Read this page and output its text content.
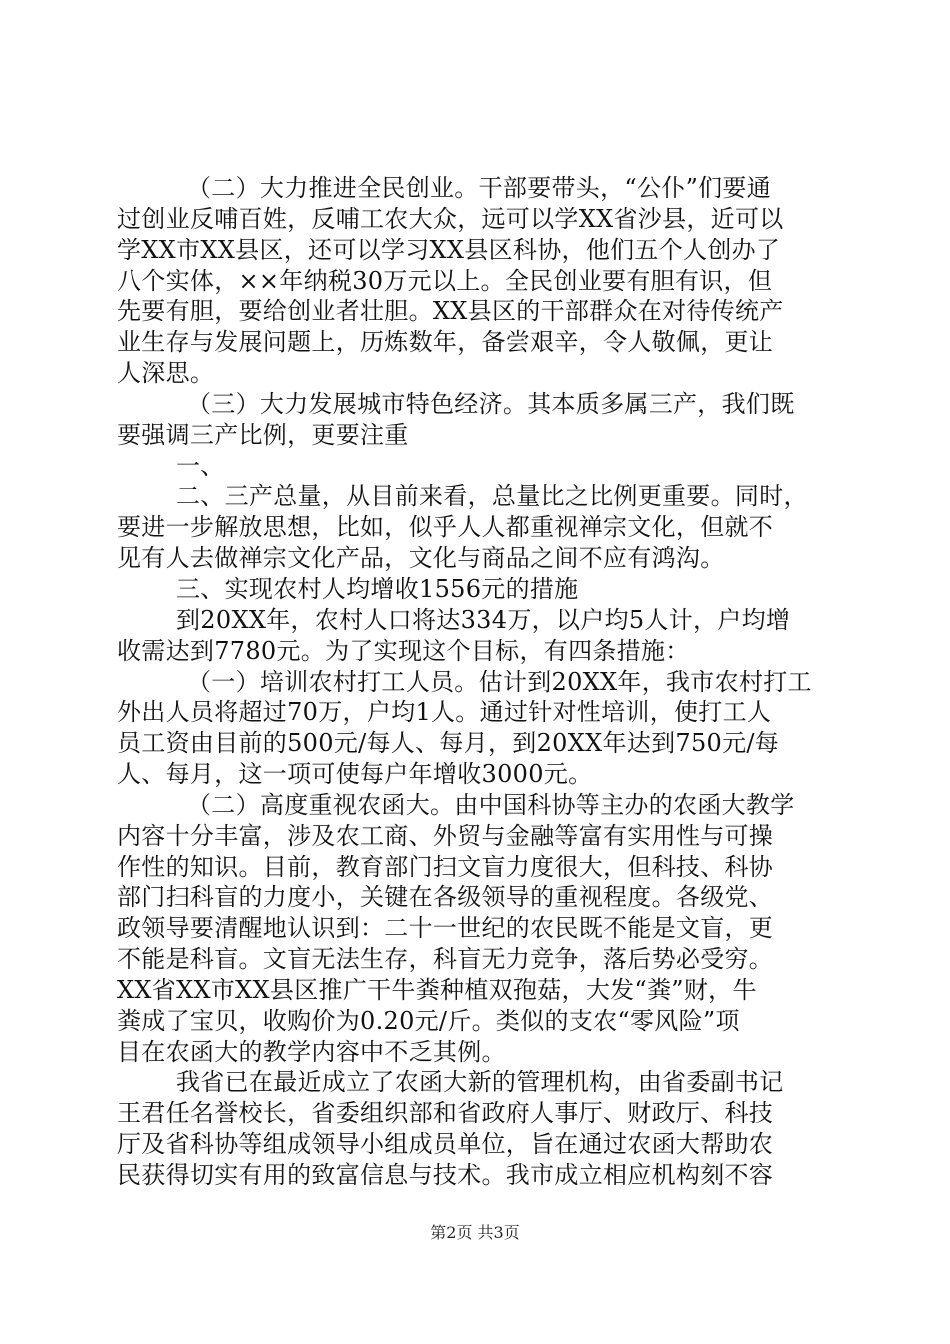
（二）大力推进全民创业。干部要带头，“公仆”们要通
过创业反哺百姓，反哺工农大众，远可以学XX省沙县，近可以
学XX市XX县区，还可以学习XX县区科协，他们五个人创办了
八个实体，××年纳税30万元以上。全民创业要有胆有识，但
先要有胆，要给创业者壮胆。XX县区的干部群众在对待传统产
业生存与发展问题上，历炼数年，备尝艰辛，令人敬佩，更让
人深思。
（三）大力发展城市特色经济。其本质多属三产，我们既
要强调三产比例，更要注重
一、
二、三产总量，从目前来看，总量比之比例更重要。同时，
要进一步解放思想，比如，似乎人人都重视禅宗文化，但就不
见有人去做禅宗文化产品，文化与商品之间不应有鸿沟。
三、实现农村人均增收1556元的措施
到20XX年，农村人口将达334万，以户均5人计，户均增
收需达到7780元。为了实现这个目标，有四条措施：
（一）培训农村打工人员。估计到20XX年，我市农村打工
外出人员将超过70万，户均1人。通过针对性培训，使打工人
员工资由目前的500元/每人、每月，到20XX年达到750元/每
人、每月，这一项可使每户年增收3000元。
（二）高度重视农函大。由中国科协等主办的农函大教学
内容十分丰富，涉及农工商、外贸与金融等富有实用性与可操
作性的知识。目前，教育部门扫文盲力度很大，但科技、科协
部门扫科盲的力度小，关键在各级领导的重视程度。各级党、
政领导要清醒地认识到：二十一世纪的农民既不能是文盲，更
不能是科盲。文盲无法生存，科盲无力竞争，落后势必受穷。
XX省XX市XX县区推广干牛粪种植双孢菇，大发“粪”财，牛
粪成了宝贝，收购价为0.20元/斤。类似的支农“零风险”项
目在农函大的教学内容中不乏其例。
我省已在最近成立了农函大新的管理机构，由省委副书记
王君任名誉校长，省委组织部和省政府人事厅、财政厅、科技
厅及省科协等组成领导小组成员单位，旨在通过农函大帮助农
民获得切实有用的致富信息与技术。我市成立相应机构刻不容
第2页 共3页
